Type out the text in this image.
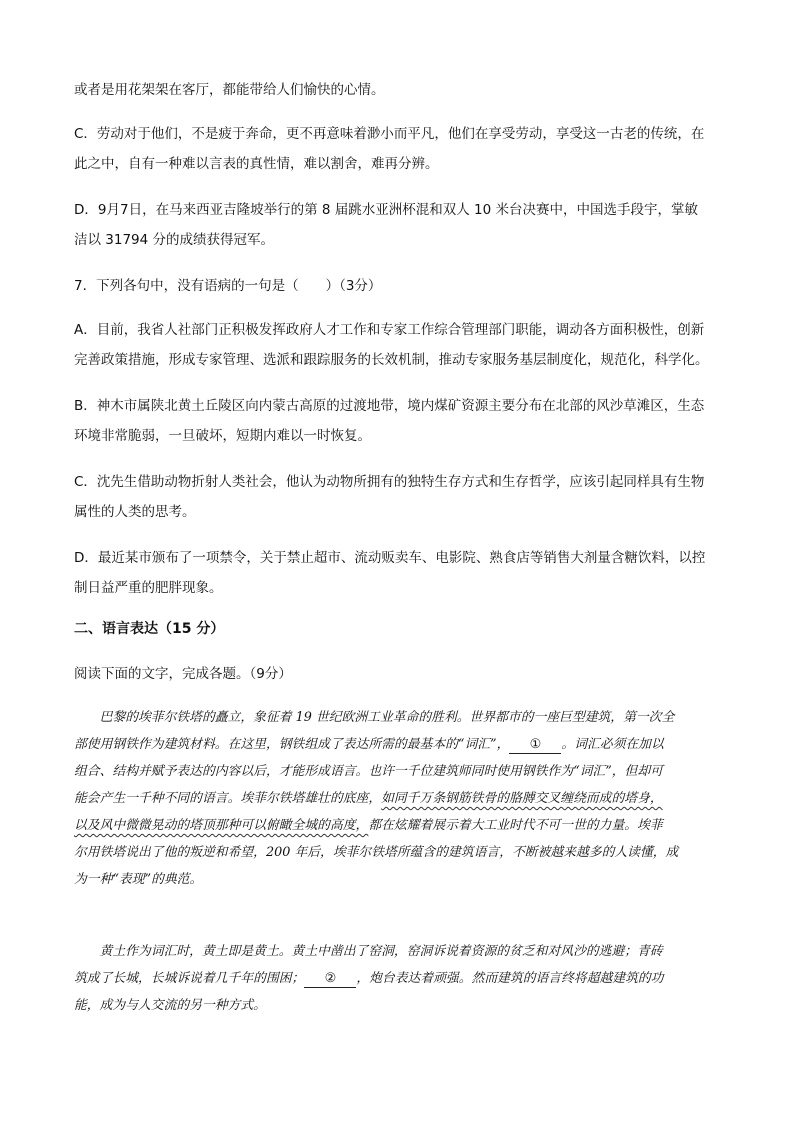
或者是用花架架在客厅，都能带给人们愉快的心情。
C．劳动对于他们，不是疲于奔命，更不再意味着渺小而平凡，他们在享受劳动，享受这一古老的传统，在
此之中，自有一种难以言表的真性情，难以割舍，难再分辨。
D．9月7日，在马来西亚吉隆坡举行的第 8 届跳水亚洲杯混和双人 10 米台决赛中，中国选手段宇，掌敏
洁以 31794 分的成绩获得冠军。
7．下列各句中，没有语病的一句是（　　）（3分）
A．目前，我省人社部门正积极发挥政府人才工作和专家工作综合管理部门职能，调动各方面积极性，创新
完善政策措施，形成专家管理、选派和跟踪服务的长效机制，推动专家服务基层制度化，规范化，科学化。
B．神木市属陕北黄土丘陵区向内蒙古高原的过渡地带，境内煤矿资源主要分布在北部的风沙草滩区，生态
环境非常脆弱，一旦破坏，短期内难以一时恢复。
C．沈先生借助动物折射人类社会，他认为动物所拥有的独特生存方式和生存哲学，应该引起同样具有生物
属性的人类的思考。
D．最近某市颁布了一项禁令，关于禁止超市、流动贩卖车、电影院、熟食店等销售大剂量含糖饮料，以控
制日益严重的肥胖现象。
二、语言表达（15 分）
阅读下面的文字，完成各题。（9分）
　　巴黎的埃菲尔铁塔的矗立，象征着 19 世纪欧洲工业革命的胜利。世界都市的一座巨型建筑，第一次全
部使用钢铁作为建筑材料。在这里，钢铁组成了表达所需的最基本的“词汇”， ① 。词汇必须在加以
组合、结构并赋予表达的内容以后，才能形成语言。也许一千位建筑师同时使用钢铁作为“词汇”，但却可
能会产生一千种不同的语言。埃菲尔铁塔雄壮的底座，如同千万条钢筋铁骨的胳膊交叉缠绕而成的塔身，
以及风中微微晃动的塔顶那种可以俯瞰全城的高度，都在炫耀着展示着大工业时代不可一世的力量。埃菲
尔用铁塔说出了他的叛逆和希望，200 年后，埃菲尔铁塔所蕴含的建筑语言，不断被越来越多的人读懂，成
为一种“表现”的典范。
　　黄土作为词汇时，黄土即是黄土。黄土中凿出了窑洞，窑洞诉说着资源的贫乏和对风沙的逃避；青砖
筑成了长城，长城诉说着几千年的围困； ② ，炮台表达着顽强。然而建筑的语言终将超越建筑的功
能，成为与人交流的另一种方式。
